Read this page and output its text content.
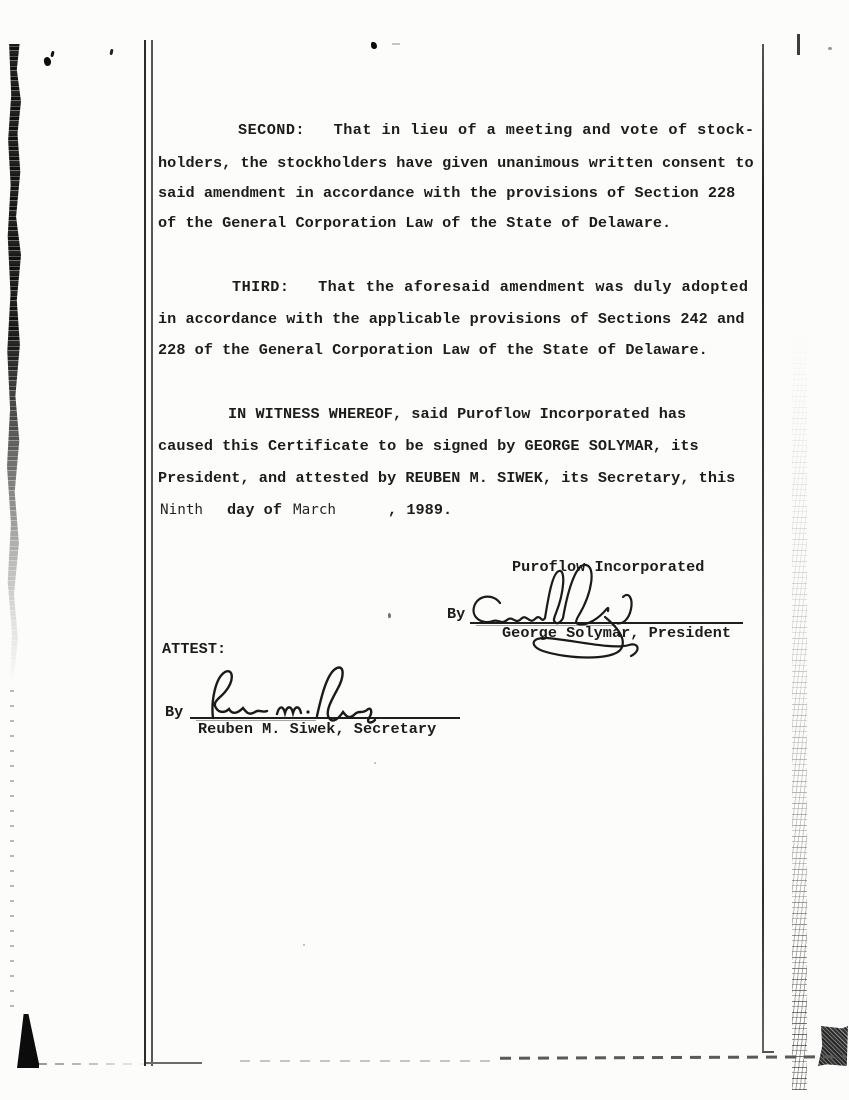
SECOND:   That in lieu of a meeting and vote of stock-
holders, the stockholders have given unanimous written consent to
said amendment in accordance with the provisions of Section 228
of the General Corporation Law of the State of Delaware.
THIRD:   That the aforesaid amendment was duly adopted
in accordance with the applicable provisions of Sections 242 and
228 of the General Corporation Law of the State of Delaware.
IN WITNESS WHEREOF, said Puroflow Incorporated has
caused this Certificate to be signed by GEORGE SOLYMAR, its
President, and attested by REUBEN M. SIWEK, its Secretary, this
Ninth day of March	, 1989.
Puroflow Incorporated
By
George Solymar, President
ATTEST:
By
Reuben M. Siwek, Secretary
